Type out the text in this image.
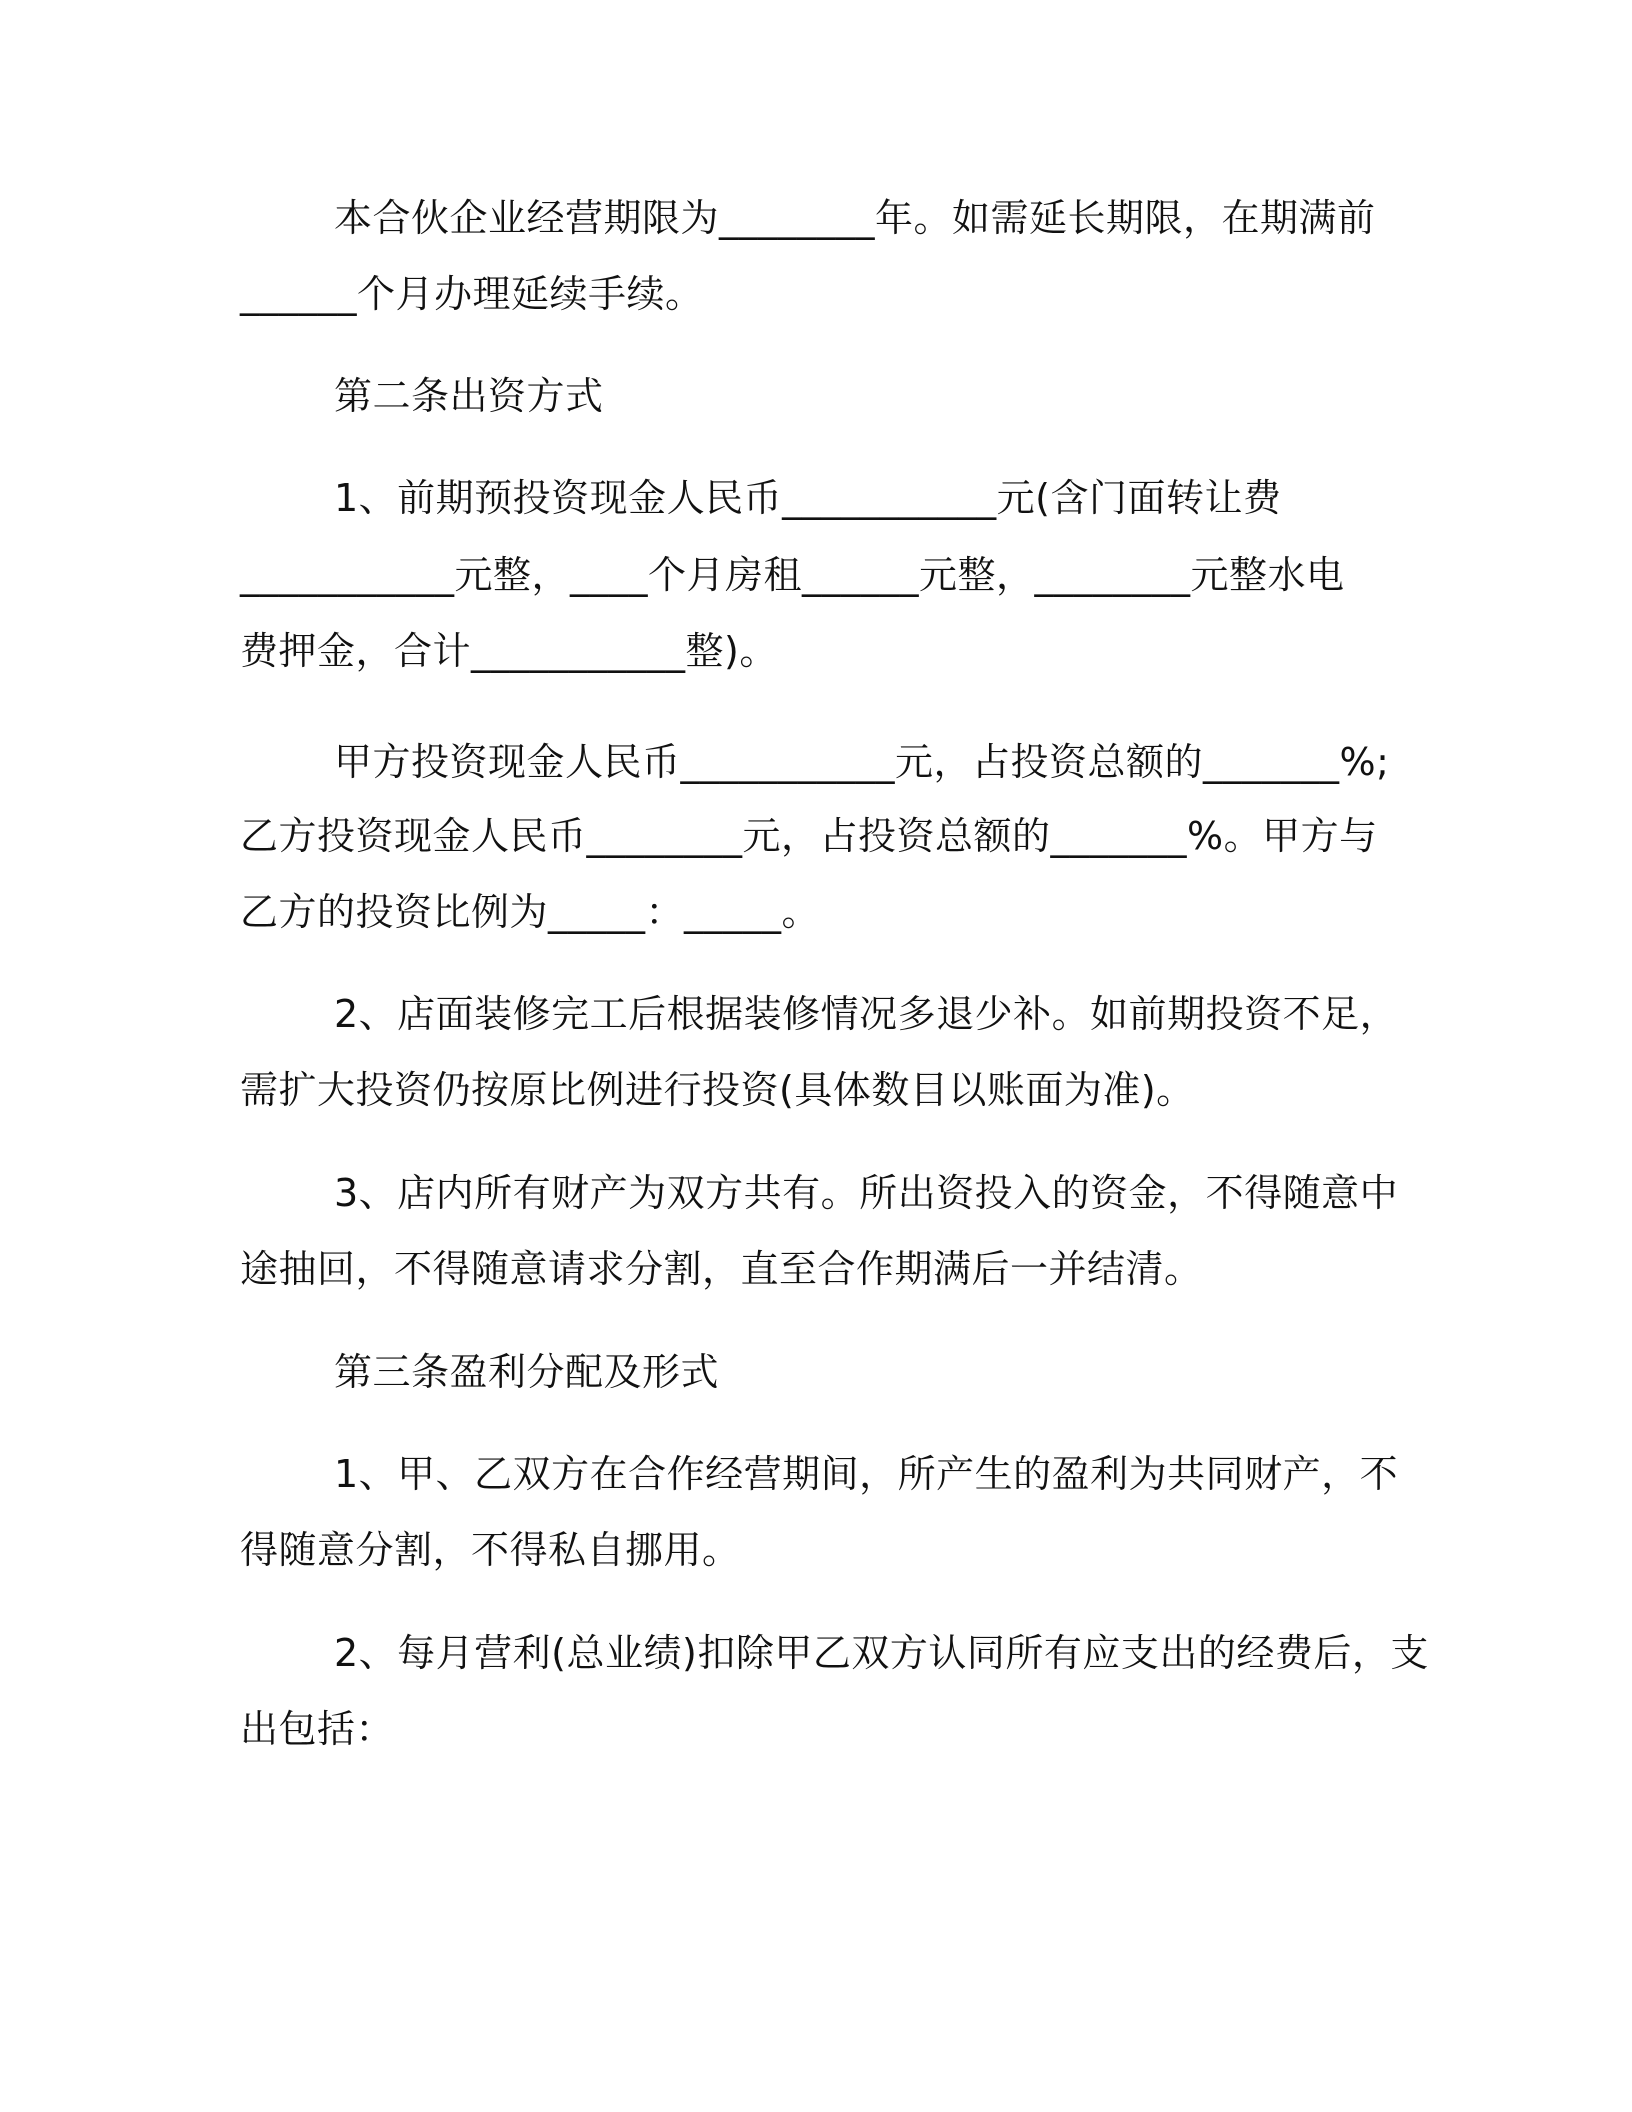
本合伙企业经营期限为________年。如需延长期限，在期满前
______个月办理延续手续。
第二条出资方式
1、前期预投资现金人民币___________元(含门面转让费
___________元整，____个月房租______元整，________元整水电
费押金，合计___________整)。
甲方投资现金人民币___________元，占投资总额的_______%;
乙方投资现金人民币________元，占投资总额的_______%。甲方与
乙方的投资比例为_____：_____。
2、店面装修完工后根据装修情况多退少补。如前期投资不足，
需扩大投资仍按原比例进行投资(具体数目以账面为准)。
3、店内所有财产为双方共有。所出资投入的资金，不得随意中
途抽回，不得随意请求分割，直至合作期满后一并结清。
第三条盈利分配及形式
1、甲、乙双方在合作经营期间，所产生的盈利为共同财产，不
得随意分割，不得私自挪用。
2、每月营利(总业绩)扣除甲乙双方认同所有应支出的经费后，支
出包括：
